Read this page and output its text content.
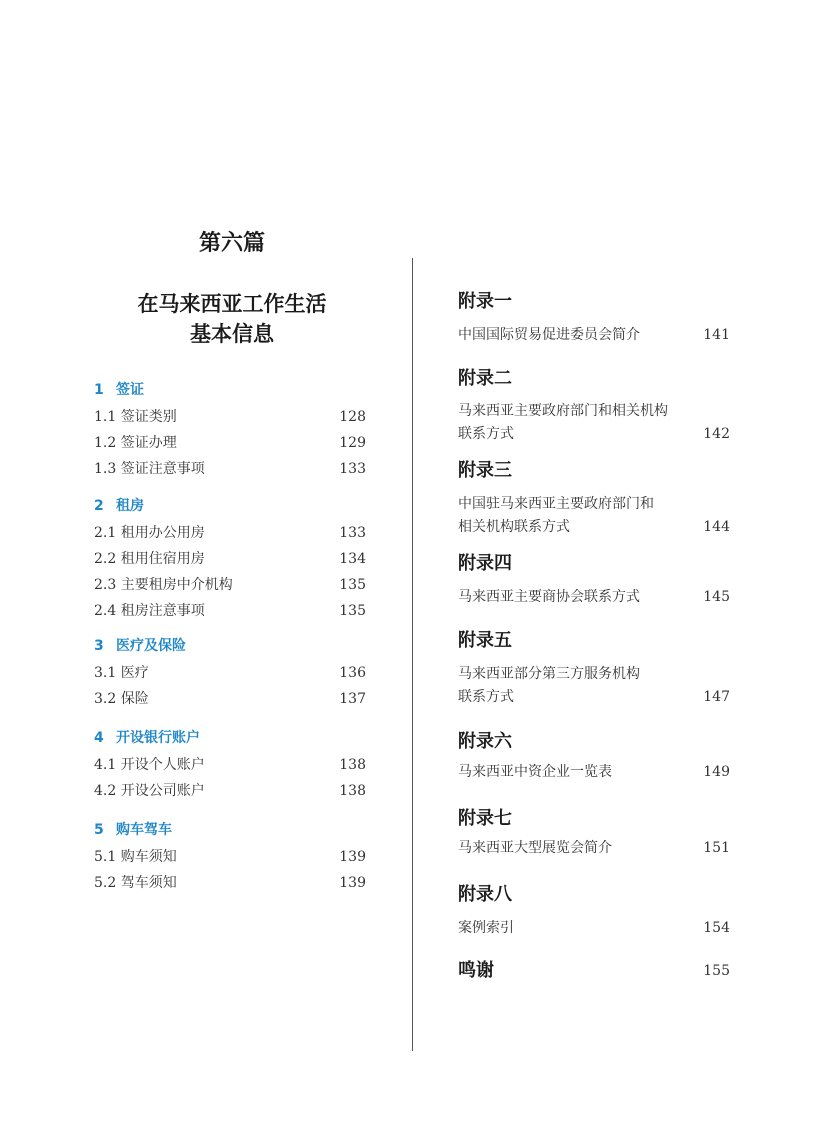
第六篇
在马来西亚工作生活
基本信息
1 签证
1.1 签证类别	128
1.2 签证办理	129
1.3 签证注意事项	133
2 租房
2.1 租用办公用房	133
2.2 租用住宿用房	134
2.3 主要租房中介机构	135
2.4 租房注意事项	135
3 医疗及保险
3.1 医疗	136
3.2 保险	137
4 开设银行账户
4.1 开设个人账户	138
4.2 开设公司账户	138
5 购车驾车
5.1 购车须知	139
5.2 驾车须知	139
附录一
中国国际贸易促进委员会简介	141
附录二
马来西亚主要政府部门和相关机构
联系方式	142
附录三
中国驻马来西亚主要政府部门和
相关机构联系方式	144
附录四
马来西亚主要商协会联系方式	145
附录五
马来西亚部分第三方服务机构
联系方式	147
附录六
马来西亚中资企业一览表	149
附录七
马来西亚大型展览会简介	151
附录八
案例索引	154
鸣谢	155
